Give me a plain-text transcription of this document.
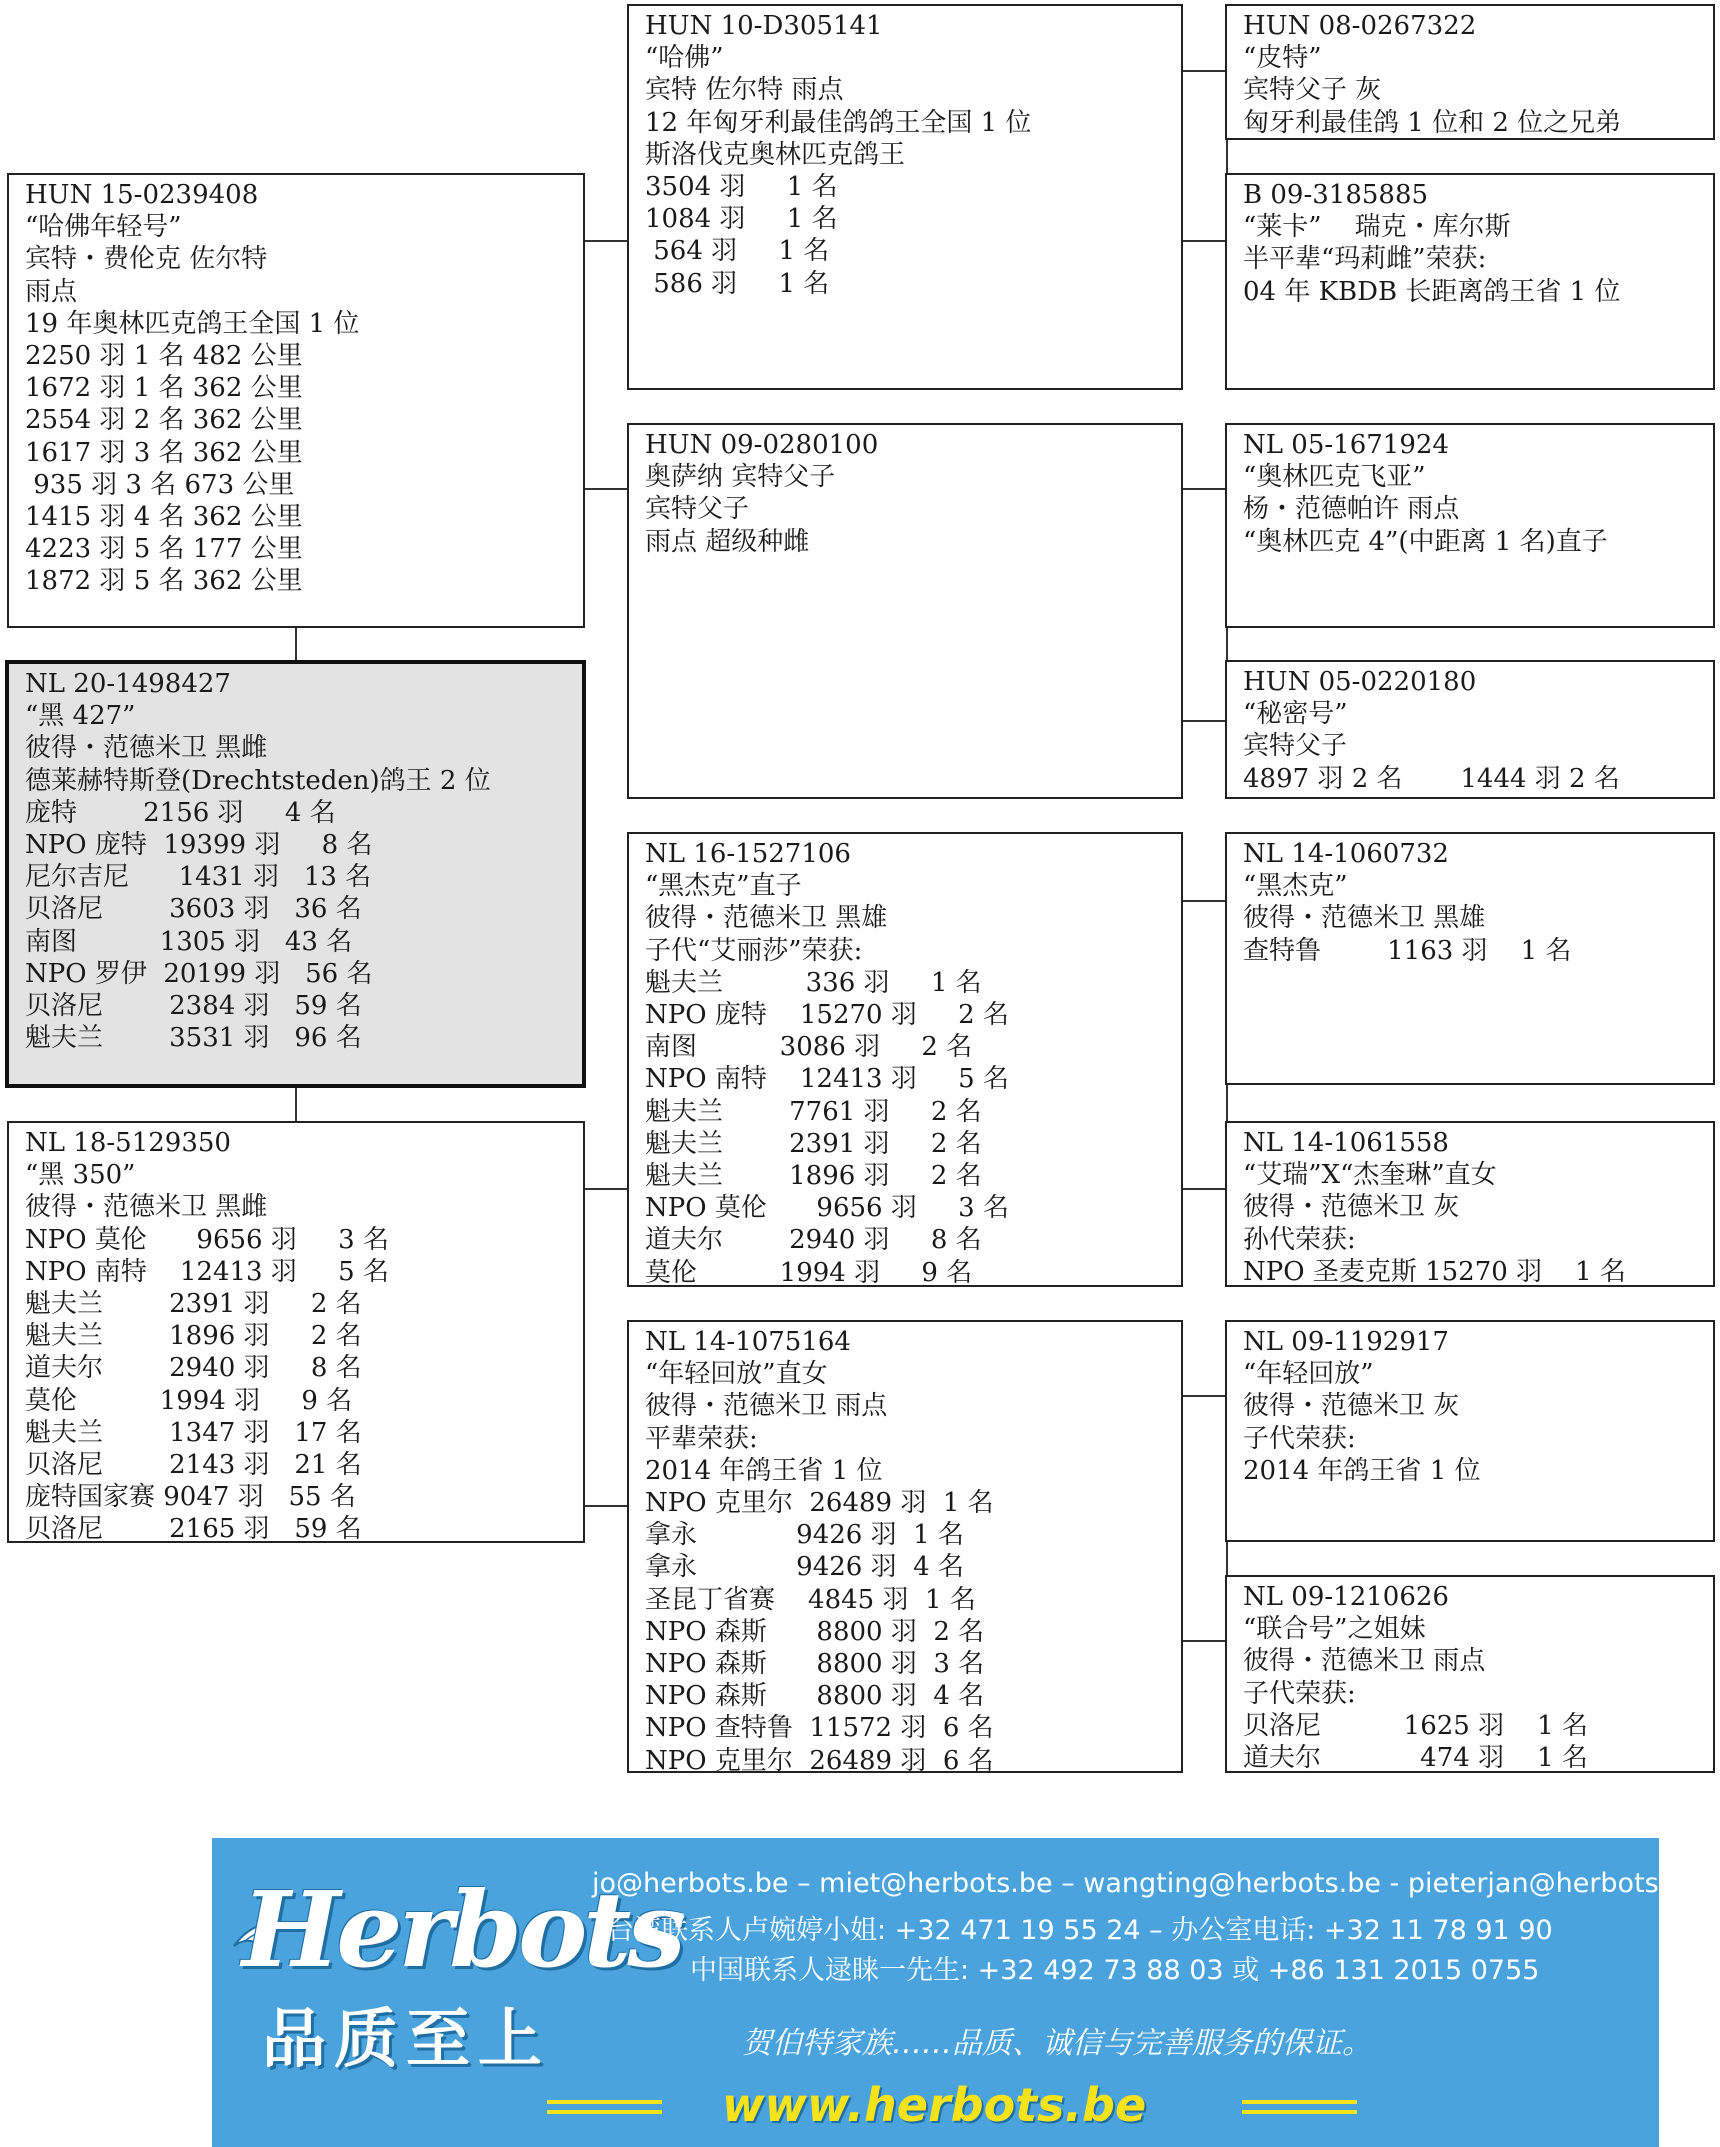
HUN 15-0239408
“哈佛年轻号”
宾特・费伦克 佐尔特
雨点
19 年奥林匹克鸽王全国 1 位
2250 羽 1 名 482 公里
1672 羽 1 名 362 公里
2554 羽 2 名 362 公里
1617 羽 3 名 362 公里
935 羽 3 名 673 公里
1415 羽 4 名 362 公里
4223 羽 5 名 177 公里
1872 羽 5 名 362 公里
NL 20-1498427
“黑 427”
彼得・范德米卫 黑雌
德莱赫特斯登(Drechtsteden)鸽王 2 位
庞特        2156 羽     4 名
NPO 庞特  19399 羽     8 名
尼尔吉尼      1431 羽   13 名
贝洛尼        3603 羽   36 名
南图          1305 羽   43 名
NPO 罗伊  20199 羽   56 名
贝洛尼        2384 羽   59 名
魁夫兰        3531 羽   96 名
NL 18-5129350
“黑 350”
彼得・范德米卫 黑雌
NPO 莫伦      9656 羽     3 名
NPO 南特    12413 羽     5 名
魁夫兰        2391 羽     2 名
魁夫兰        1896 羽     2 名
道夫尔        2940 羽     8 名
莫伦          1994 羽     9 名
魁夫兰        1347 羽   17 名
贝洛尼        2143 羽   21 名
庞特国家赛 9047 羽   55 名
贝洛尼        2165 羽   59 名
HUN 10-D305141
“哈佛”
宾特 佐尔特 雨点
12 年匈牙利最佳鸽鸽王全国 1 位
斯洛伐克奥林匹克鸽王
3504 羽     1 名
1084 羽     1 名
564 羽     1 名
586 羽     1 名
HUN 09-0280100
奥萨纳 宾特父子
宾特父子
雨点 超级种雌
NL 16-1527106
“黑杰克”直子
彼得・范德米卫 黑雄
子代“艾丽莎”荣获:
魁夫兰          336 羽     1 名
NPO 庞特    15270 羽     2 名
南图          3086 羽     2 名
NPO 南特    12413 羽     5 名
魁夫兰        7761 羽     2 名
魁夫兰        2391 羽     2 名
魁夫兰        1896 羽     2 名
NPO 莫伦      9656 羽     3 名
道夫尔        2940 羽     8 名
莫伦          1994 羽     9 名
NL 14-1075164
“年轻回放”直女
彼得・范德米卫 雨点
平辈荣获:
2014 年鸽王省 1 位
NPO 克里尔  26489 羽  1 名
拿永            9426 羽  1 名
拿永            9426 羽  4 名
圣昆丁省赛    4845 羽  1 名
NPO 森斯      8800 羽  2 名
NPO 森斯      8800 羽  3 名
NPO 森斯      8800 羽  4 名
NPO 查特鲁  11572 羽  6 名
NPO 克里尔  26489 羽  6 名
HUN 08-0267322
“皮特”
宾特父子 灰
匈牙利最佳鸽 1 位和 2 位之兄弟
B 09-3185885
“莱卡”    瑞克・库尔斯
半平辈“玛莉雌”荣获:
04 年 KBDB 长距离鸽王省 1 位
NL 05-1671924
“奥林匹克飞亚”
杨・范德帕许 雨点
“奥林匹克 4”(中距离 1 名)直子
HUN 05-0220180
“秘密号”
宾特父子
4897 羽 2 名       1444 羽 2 名
NL 14-1060732
“黑杰克”
彼得・范德米卫 黑雄
查特鲁        1163 羽    1 名
NL 14-1061558
“艾瑞”X“杰奎琳”直女
彼得・范德米卫 灰
孙代荣获:
NPO 圣麦克斯 15270 羽    1 名
NL 09-1192917
“年轻回放”
彼得・范德米卫 灰
子代荣获:
2014 年鸽王省 1 位
NL 09-1210626
“联合号”之姐妹
彼得・范德米卫 雨点
子代荣获:
贝洛尼          1625 羽    1 名
道夫尔            474 羽    1 名
Herbots
品质至上
jo@herbots.be – miet@herbots.be – wangting@herbots.be - pieterjan@herbots.be
台湾联系人卢婉婷小姐: +32 471 19 55 24 – 办公室电话: +32 11 78 91 90
中国联系人逯睐一先生: +32 492 73 88 03 或 +86 131 2015 0755
贺伯特家族……品质、诚信与完善服务的保证。
www.herbots.be
